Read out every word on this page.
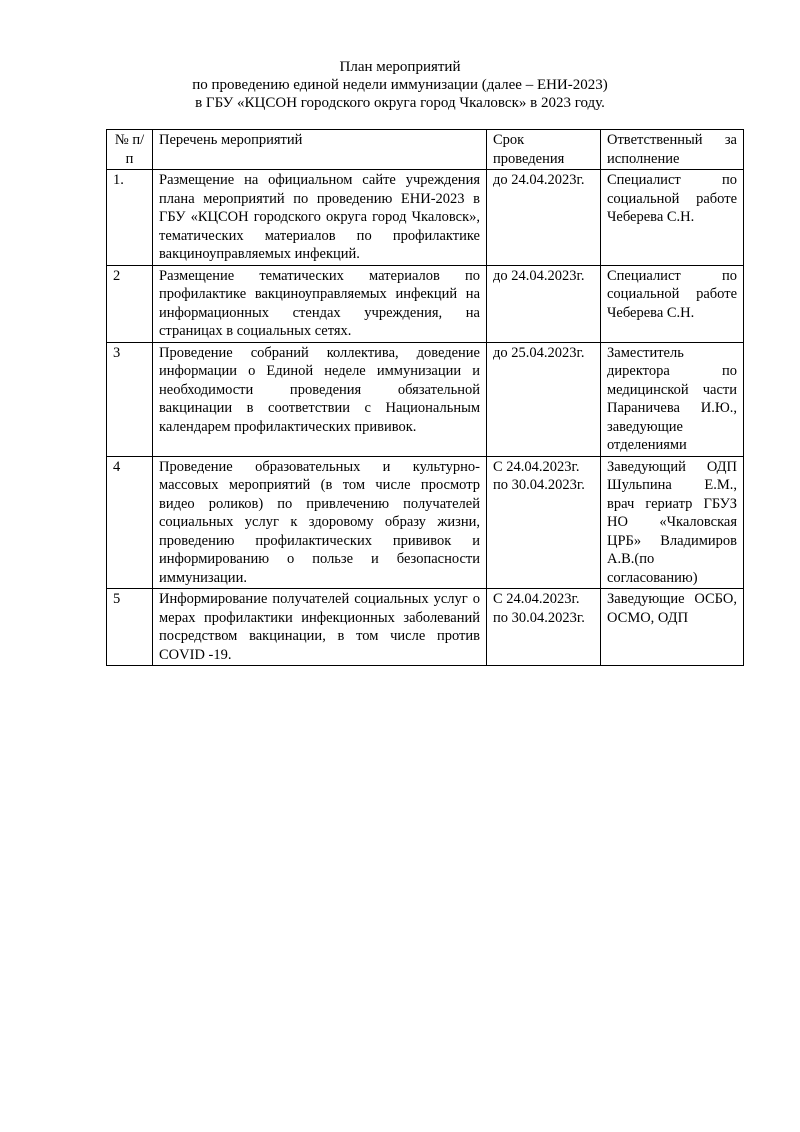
План мероприятий
по проведению единой недели иммунизации (далее – ЕНИ-2023)
в ГБУ «КЦСОН городского округа город Чкаловск» в 2023 году.
№ п/п	Перечень мероприятий	Срок проведения	Ответственный за исполнение
1.	Размещение на официальном сайте учреждения плана мероприятий по проведению ЕНИ-2023 в ГБУ «КЦСОН городского округа город Чкаловск», тематических материалов по профилактике вакциноуправляемых инфекций.	до 24.04.2023г.	Специалист по социальной работе Чеберева С.Н.
2	Размещение тематических материалов по профилактике вакциноуправляемых инфекций на информационных стендах учреждения, на страницах в социальных сетях.	до 24.04.2023г.	Специалист по социальной работе Чеберева С.Н.
3	Проведение собраний коллектива, доведение информации о Единой неделе иммунизации и необходимости проведения обязательной вакцинации в соответствии с Национальным календарем профилактических прививок.	до 25.04.2023г.	Заместитель директора по медицинской части Параничева И.Ю., заведующие отделениями
4	Проведение образовательных и культурно-массовых мероприятий (в том числе просмотр видео роликов) по привлечению получателей социальных услуг к здоровому образу жизни, проведению профилактических прививок и информированию о пользе и безопасности иммунизации.	С 24.04.2023г. по 30.04.2023г.	Заведующий ОДП Шульпина Е.М., врач гериатр ГБУЗ НО «Чкаловская ЦРБ» Владимиров А.В.(по согласованию)
5	Информирование получателей социальных услуг о мерах профилактики инфекционных заболеваний посредством вакцинации, в том числе против COVID -19.	С 24.04.2023г. по 30.04.2023г.	Заведующие ОСБО, ОСМО, ОДП
